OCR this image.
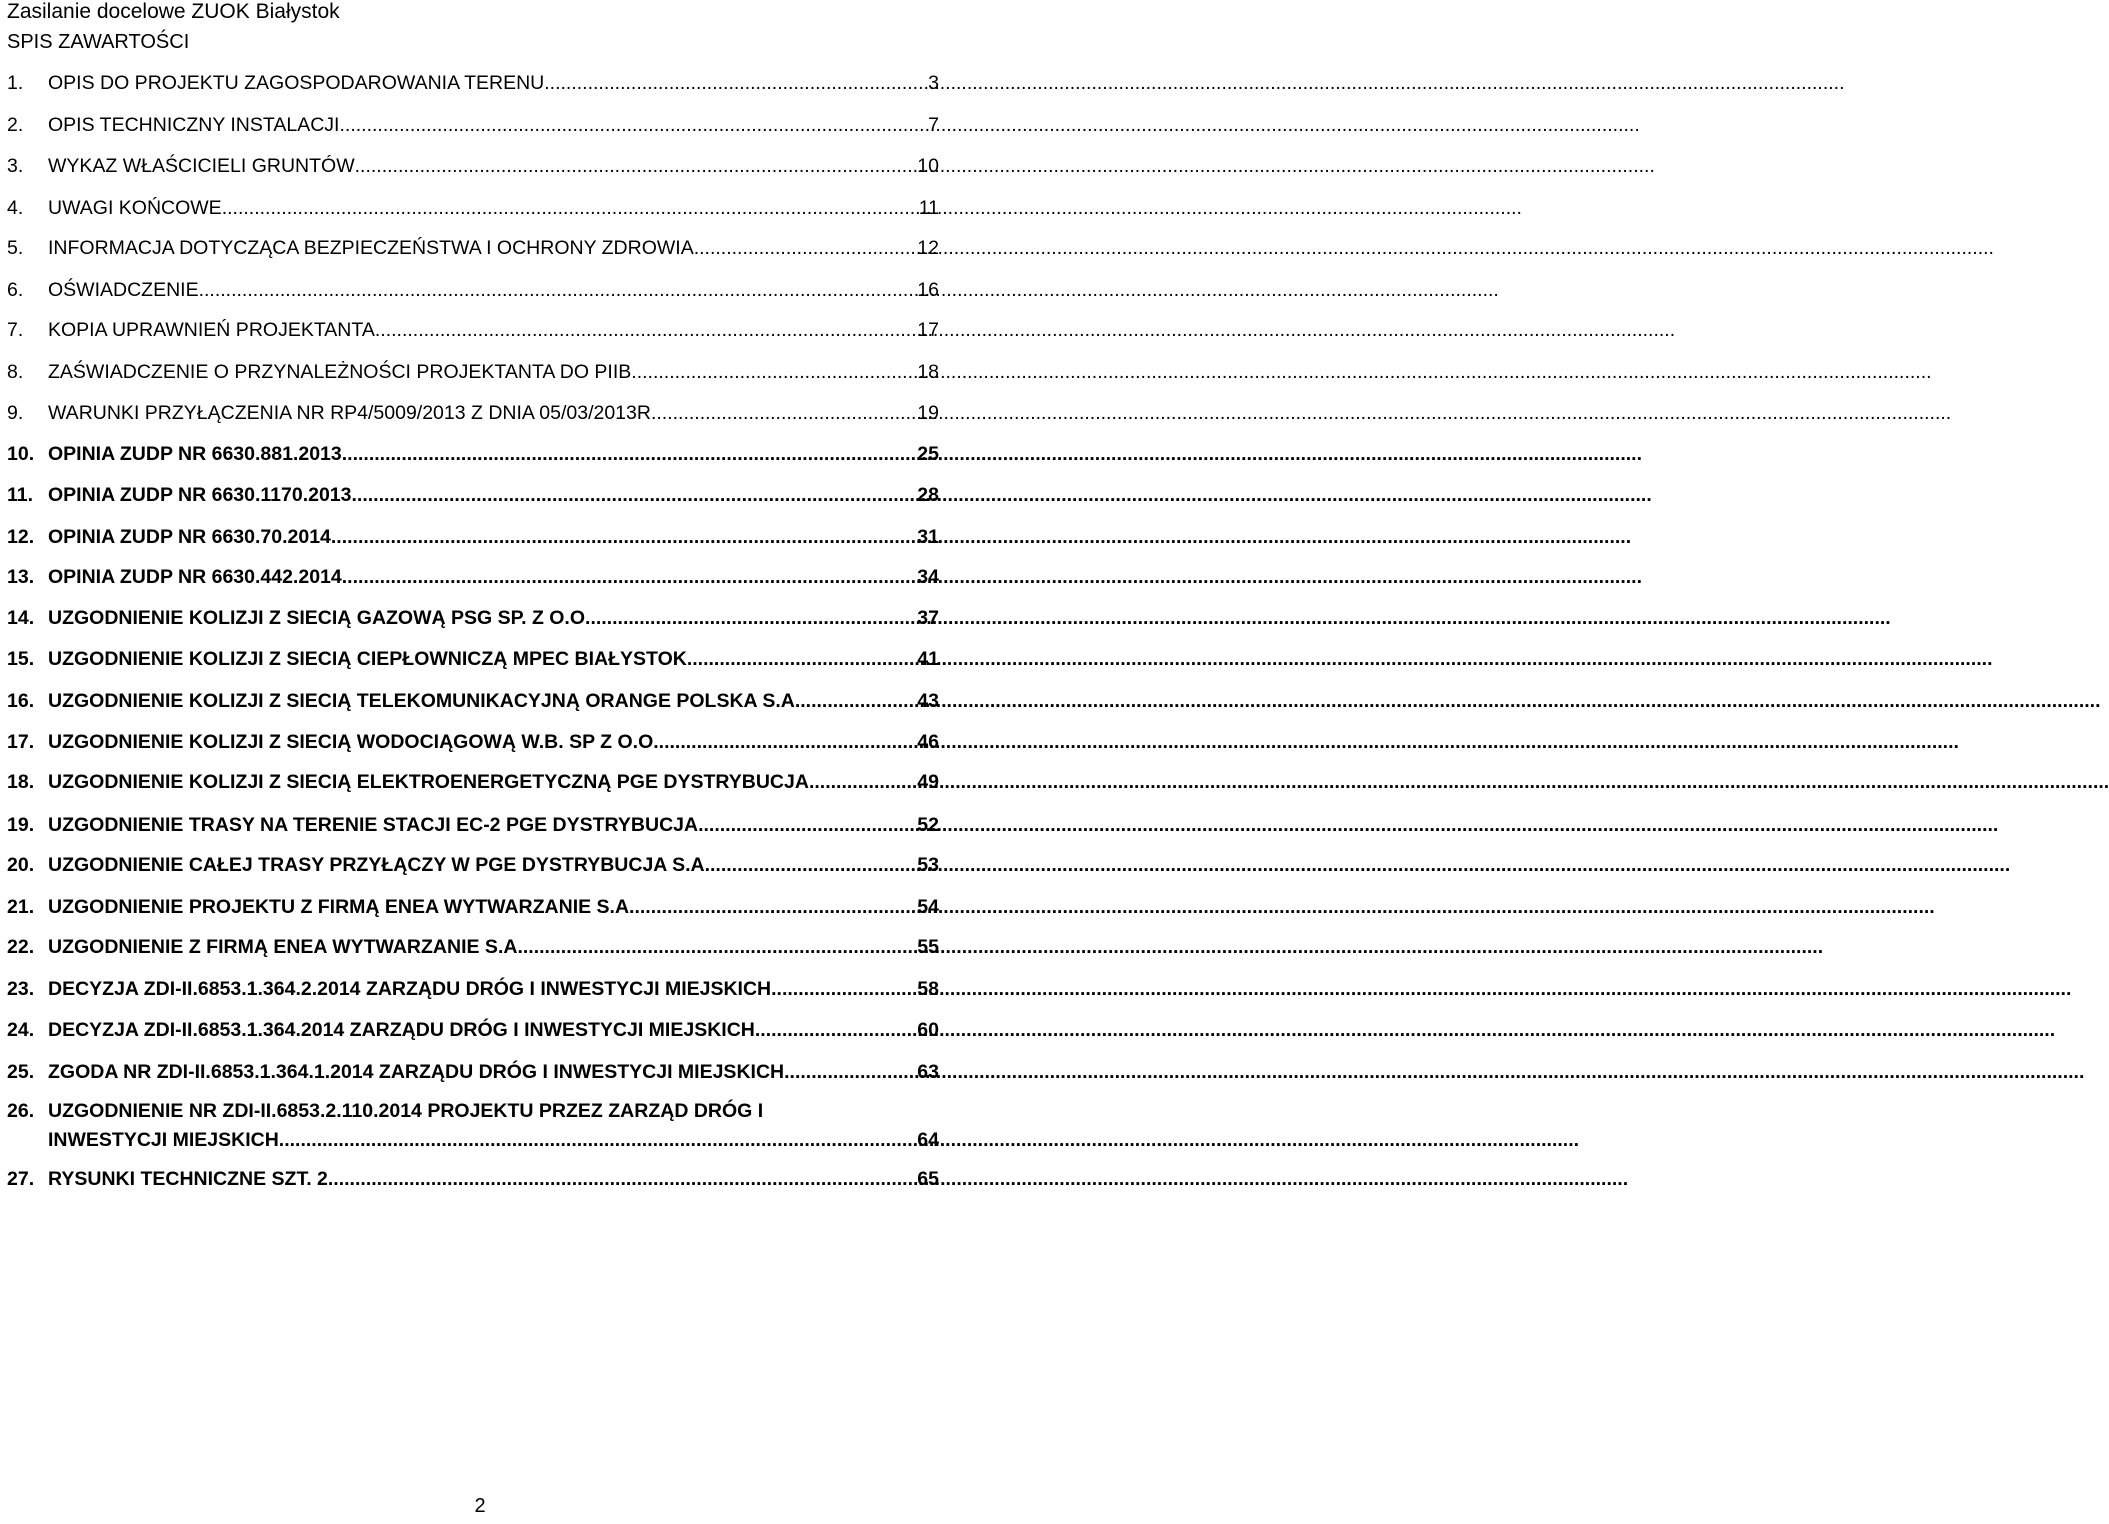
Zasilanie docelowe ZUOK Białystok
SPIS ZAWARTOŚCI
1.	OPIS DO PROJEKTU ZAGOSPODAROWANIA TERENU .....	3
2.	OPIS TECHNICZNY INSTALACJI .....	7
3.	WYKAZ WŁAŚCICIELI GRUNTÓW .....	10
4.	UWAGI KOŃCOWE .....	11
5.	INFORMACJA DOTYCZĄCA BEZPIECZEŃSTWA I OCHRONY ZDROWIA .....	12
6.	OŚWIADCZENIE .....	16
7.	KOPIA UPRAWNIEŃ PROJEKTANTA .....	17
8.	ZAŚWIADCZENIE O PRZYNALEŻNOŚCI PROJEKTANTA DO PIIB .....	18
9.	WARUNKI PRZYŁĄCZENIA NR RP4/5009/2013 Z DNIA 05/03/2013R .....	19
10. OPINIA ZUDP NR 6630.881.2013 .....	25
11. OPINIA ZUDP NR 6630.1170.2013 .....	28
12. OPINIA ZUDP NR 6630.70.2014 .....	31
13. OPINIA ZUDP NR 6630.442.2014 .....	34
14. UZGODNIENIE KOLIZJI Z SIECIĄ GAZOWĄ PSG SP. Z O.O. .....	37
15. UZGODNIENIE KOLIZJI Z SIECIĄ CIEPŁOWNICZĄ MPEC BIAŁYSTOK. .....	41
16. UZGODNIENIE KOLIZJI Z SIECIĄ TELEKOMUNIKACYJNĄ ORANGE POLSKA S.A. .....	43
17. UZGODNIENIE KOLIZJI Z SIECIĄ WODOCIĄGOWĄ W.B. SP Z O.O. .....	46
18. UZGODNIENIE KOLIZJI Z SIECIĄ ELEKTROENERGETYCZNĄ PGE DYSTRYBUCJA .....	49
19. UZGODNIENIE TRASY NA TERENIE STACJI EC-2 PGE DYSTRYBUCJA .....	52
20. UZGODNIENIE CAŁEJ TRASY PRZYŁĄCZY W PGE DYSTRYBUCJA S.A. .....	53
21. UZGODNIENIE PROJEKTU Z FIRMĄ ENEA WYTWARZANIE S.A. .....	54
22. UZGODNIENIE Z FIRMĄ ENEA WYTWARZANIE S.A. .....	55
23. DECYZJA ZDI-II.6853.1.364.2.2014 ZARZĄDU DRÓG I INWESTYCJI MIEJSKICH .....	58
24. DECYZJA ZDI-II.6853.1.364.2014 ZARZĄDU DRÓG I INWESTYCJI MIEJSKICH .....	60
25. ZGODA NR ZDI-II.6853.1.364.1.2014 ZARZĄDU DRÓG I INWESTYCJI MIEJSKICH .....	63
26. UZGODNIENIE NR ZDI-II.6853.2.110.2014 PROJEKTU PRZEZ ZARZĄD DRÓG I
INWESTYCJI MIEJSKICH .....	64
27. RYSUNKI TECHNICZNE SZT. 2 .....	65
2
